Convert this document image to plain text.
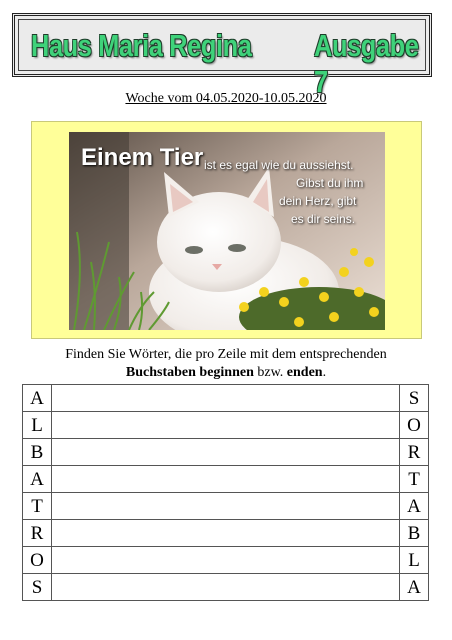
Haus Maria Regina Ausgabe 7
Woche vom 04.05.2020-10.05.2020
Einem Tier ist es egal wie du aussiehst.
Gibst du ihm
dein Herz, gibt
es dir seins.
Finden Sie Wörter, die pro Zeile mit dem entsprechenden
Buchstaben beginnen bzw. enden.
A		S
L		O
B		R
A		T
T		A
R		B
O		L
S		A
